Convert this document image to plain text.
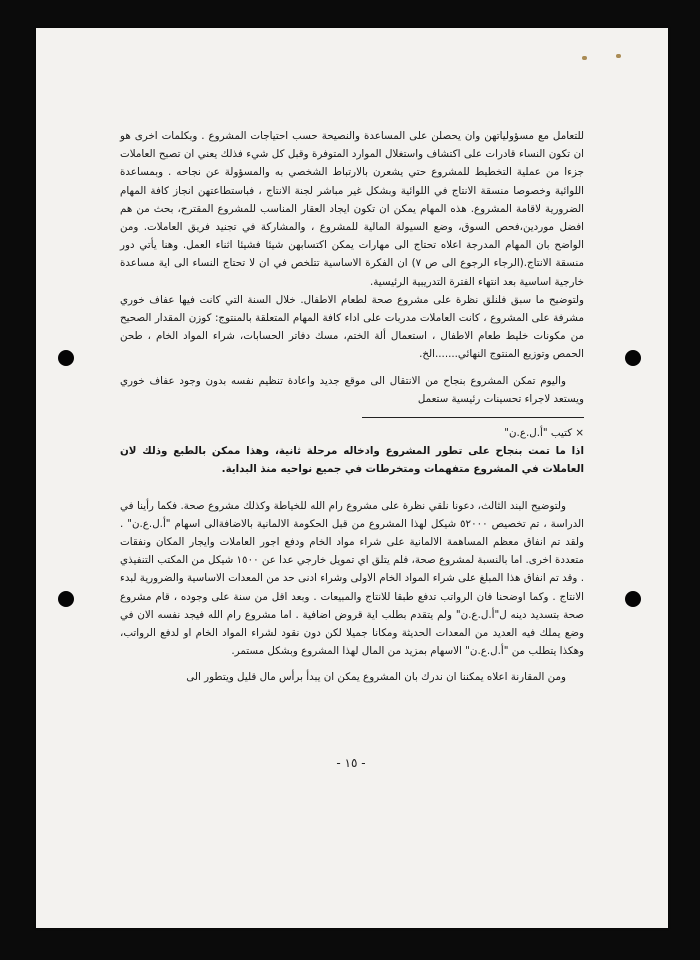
للتعامل مع مسؤولياتهن وان يحصلن على المساعدة والنصيحة حسب احتياجات المشروع . وبكلمات اخرى هو ان تكون النساء قادرات على اكتشاف واستغلال الموارد المتوفرة وقبل كل شيء فذلك يعني ان تصبح العاملات جزءا من عملية التخطيط للمشروع حتي يشعرن بالارتباط الشخصي به والمسؤولة عن نجاحه . وبمساعدة اللوائية وخصوصا منسقة الانتاج في اللوائية وبشكل غير مباشر لجنة الانتاج ، فباستطاعتهن انجاز كافة المهام الضرورية لاقامة المشروع. هذه المهام يمكن ان تكون ايجاد العقار المناسب للمشروع المقترح، بحث من هم افضل موردين،فحص السوق، وضع السيولة المالية للمشروع ، والمشاركة في تجنيد فريق العاملات. ومن الواضح بان المهام المدرجة اعلاه تحتاج الى مهارات يمكن اكتسابهن شيئا فشيئا اثناء العمل. وهنا يأتي دور منسقة الانتاج.(الرجاء الرجوع الى ص ٧) ان الفكرة الاساسية تتلخص في ان لا تحتاج النساء الى اية مساعدة خارجية اساسية بعد انتهاء الفترة التدريبية الرئيسية.

ولتوضيح ما سبق فلنلق نظرة على مشروع صحة لطعام الاطفال. خلال السنة التي كانت فيها عفاف خوري مشرفة على المشروع ، كانت العاملات مدربات على اداء كافة المهام المتعلقة بالمنتوج: كوزن المقدار الصحيح من مكونات خليط طعام الاطفال ، استعمال ألة الختم، مسك دفاتر الحسابات، شراء المواد الخام ، طحن الحمص وتوزيع المنتوج النهائي.......الخ.

واليوم تمكن المشروع بنجاح من الانتقال الى موقع جديد واعادة تنظيم نفسه بدون وجود عفاف خوري ويستعد لاجراء تحسينات رئيسية ستعمل

× كتيب "أ.ل.ع.ن"

اذا ما تمت بنجاح على تطور المشروع وادخاله مرحلة ثانية، وهذا ممكن بالطبع وذلك لان العاملات في المشروع متفهمات ومتخرطات في جميع نواحيه منذ البداية.

ولتوضيح البند الثالث، دعونا نلقي نظرة على مشروع رام الله للخياطة وكذلك مشروع صحة. فكما رأينا في الدراسة ، تم تخصيص ٥٢٠٠٠ شيكل لهذا المشروع من قبل الحكومة الالمانية بالاضافةالى اسهام "أ.ل.ع.ن" . ولقد تم انفاق معظم المساهمة الالمانية على شراء مواد الخام ودفع اجور العاملات وايجار المكان ونفقات متعددة اخرى. اما بالنسبة لمشروع صحة، فلم يتلق اي تمويل خارجي عدا عن ١٥٠٠ شيكل من المكتب التنفيذي . وقد تم انفاق هذا المبلغ على شراء المواد الخام الاولى وشراء ادنى حد من المعدات الاساسية والضرورية لبدء الانتاج . وكما اوضحنا فان الرواتب تدفع طبقا للانتاج والمبيعات . وبعد اقل من سنة على وجوده ، قام مشروع صحة بتسديد دينه ل"أ.ل.ع.ن" ولم يتقدم بطلب اية قروض اضافية . اما مشروع رام الله فيجد نفسه الان في وضع يملك فيه العديد من المعدات الحديثة ومكانا جميلا لكن دون نقود لشراء المواد الخام او لدفع الرواتب، وهكذا يتطلب من "أ.ل.ع.ن" الاسهام بمزيد من المال لهذا المشروع وبشكل مستمر.

ومن المقارنة اعلاه يمكننا ان ندرك بان المشروع يمكن ان يبدأ برأس مال قليل ويتطور الى

- ١٥ -
